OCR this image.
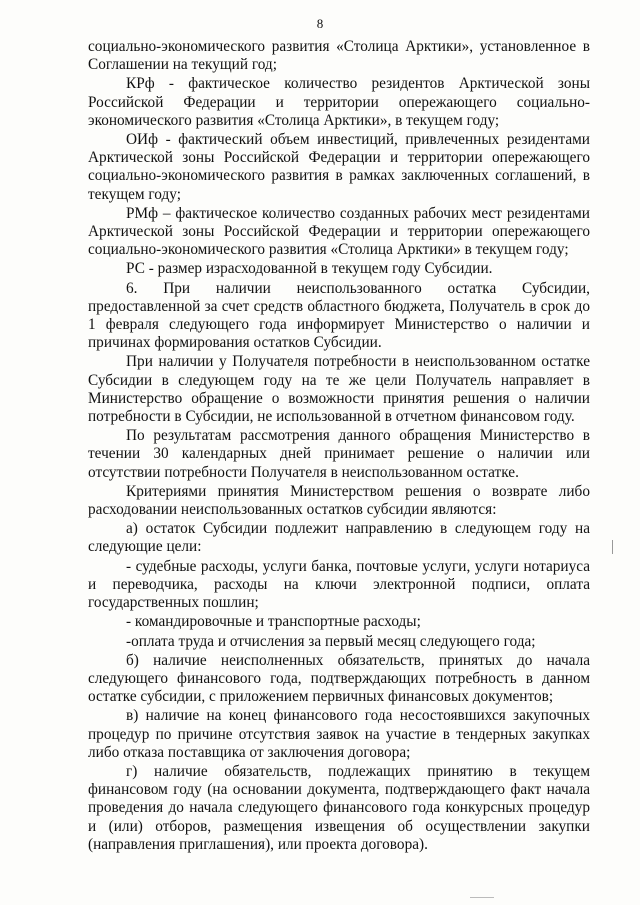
8

социально-экономического развития «Столица Арктики», установленное в Соглашении на текущий год;

КРф - фактическое количество резидентов Арктической зоны Российской Федерации и территории опережающего социально-экономического развития «Столица Арктики», в текущем году;

ОИф - фактический объем инвестиций, привлеченных резидентами Арктической зоны Российской Федерации и территории опережающего социально-экономического развития в рамках заключенных соглашений, в текущем году;

РМф – фактическое количество созданных рабочих мест резидентами Арктической зоны Российской Федерации и территории опережающего социально-экономического развития «Столица Арктики» в текущем году;

РС - размер израсходованной в текущем году Субсидии.

6. При наличии неиспользованного остатка Субсидии, предоставленной за счет средств областного бюджета, Получатель в срок до 1 февраля следующего года информирует Министерство о наличии и причинах формирования остатков Субсидии.

При наличии у Получателя потребности в неиспользованном остатке Субсидии в следующем году на те же цели Получатель направляет в Министерство обращение о возможности принятия решения о наличии потребности в Субсидии, не использованной в отчетном финансовом году.

По результатам рассмотрения данного обращения Министерство в течении 30 календарных дней принимает решение о наличии или отсутствии потребности Получателя в неиспользованном остатке.

Критериями принятия Министерством решения о возврате либо расходовании неиспользованных остатков субсидии являются:

а) остаток Субсидии подлежит направлению в следующем году на следующие цели:

- судебные расходы, услуги банка, почтовые услуги, услуги нотариуса и переводчика, расходы на ключи электронной подписи, оплата государственных пошлин;

- командировочные и транспортные расходы;

-оплата труда и отчисления за первый месяц следующего года;

б) наличие неисполненных обязательств, принятых до начала следующего финансового года, подтверждающих потребность в данном остатке субсидии, с приложением первичных финансовых документов;

в) наличие на конец финансового года несостоявшихся закупочных процедур по причине отсутствия заявок на участие в тендерных закупках либо отказа поставщика от заключения договора;

г) наличие обязательств, подлежащих принятию в текущем финансовом году (на основании документа, подтверждающего факт начала проведения до начала следующего финансового года конкурсных процедур и (или) отборов, размещения извещения об осуществлении закупки (направления приглашения), или проекта договора).
